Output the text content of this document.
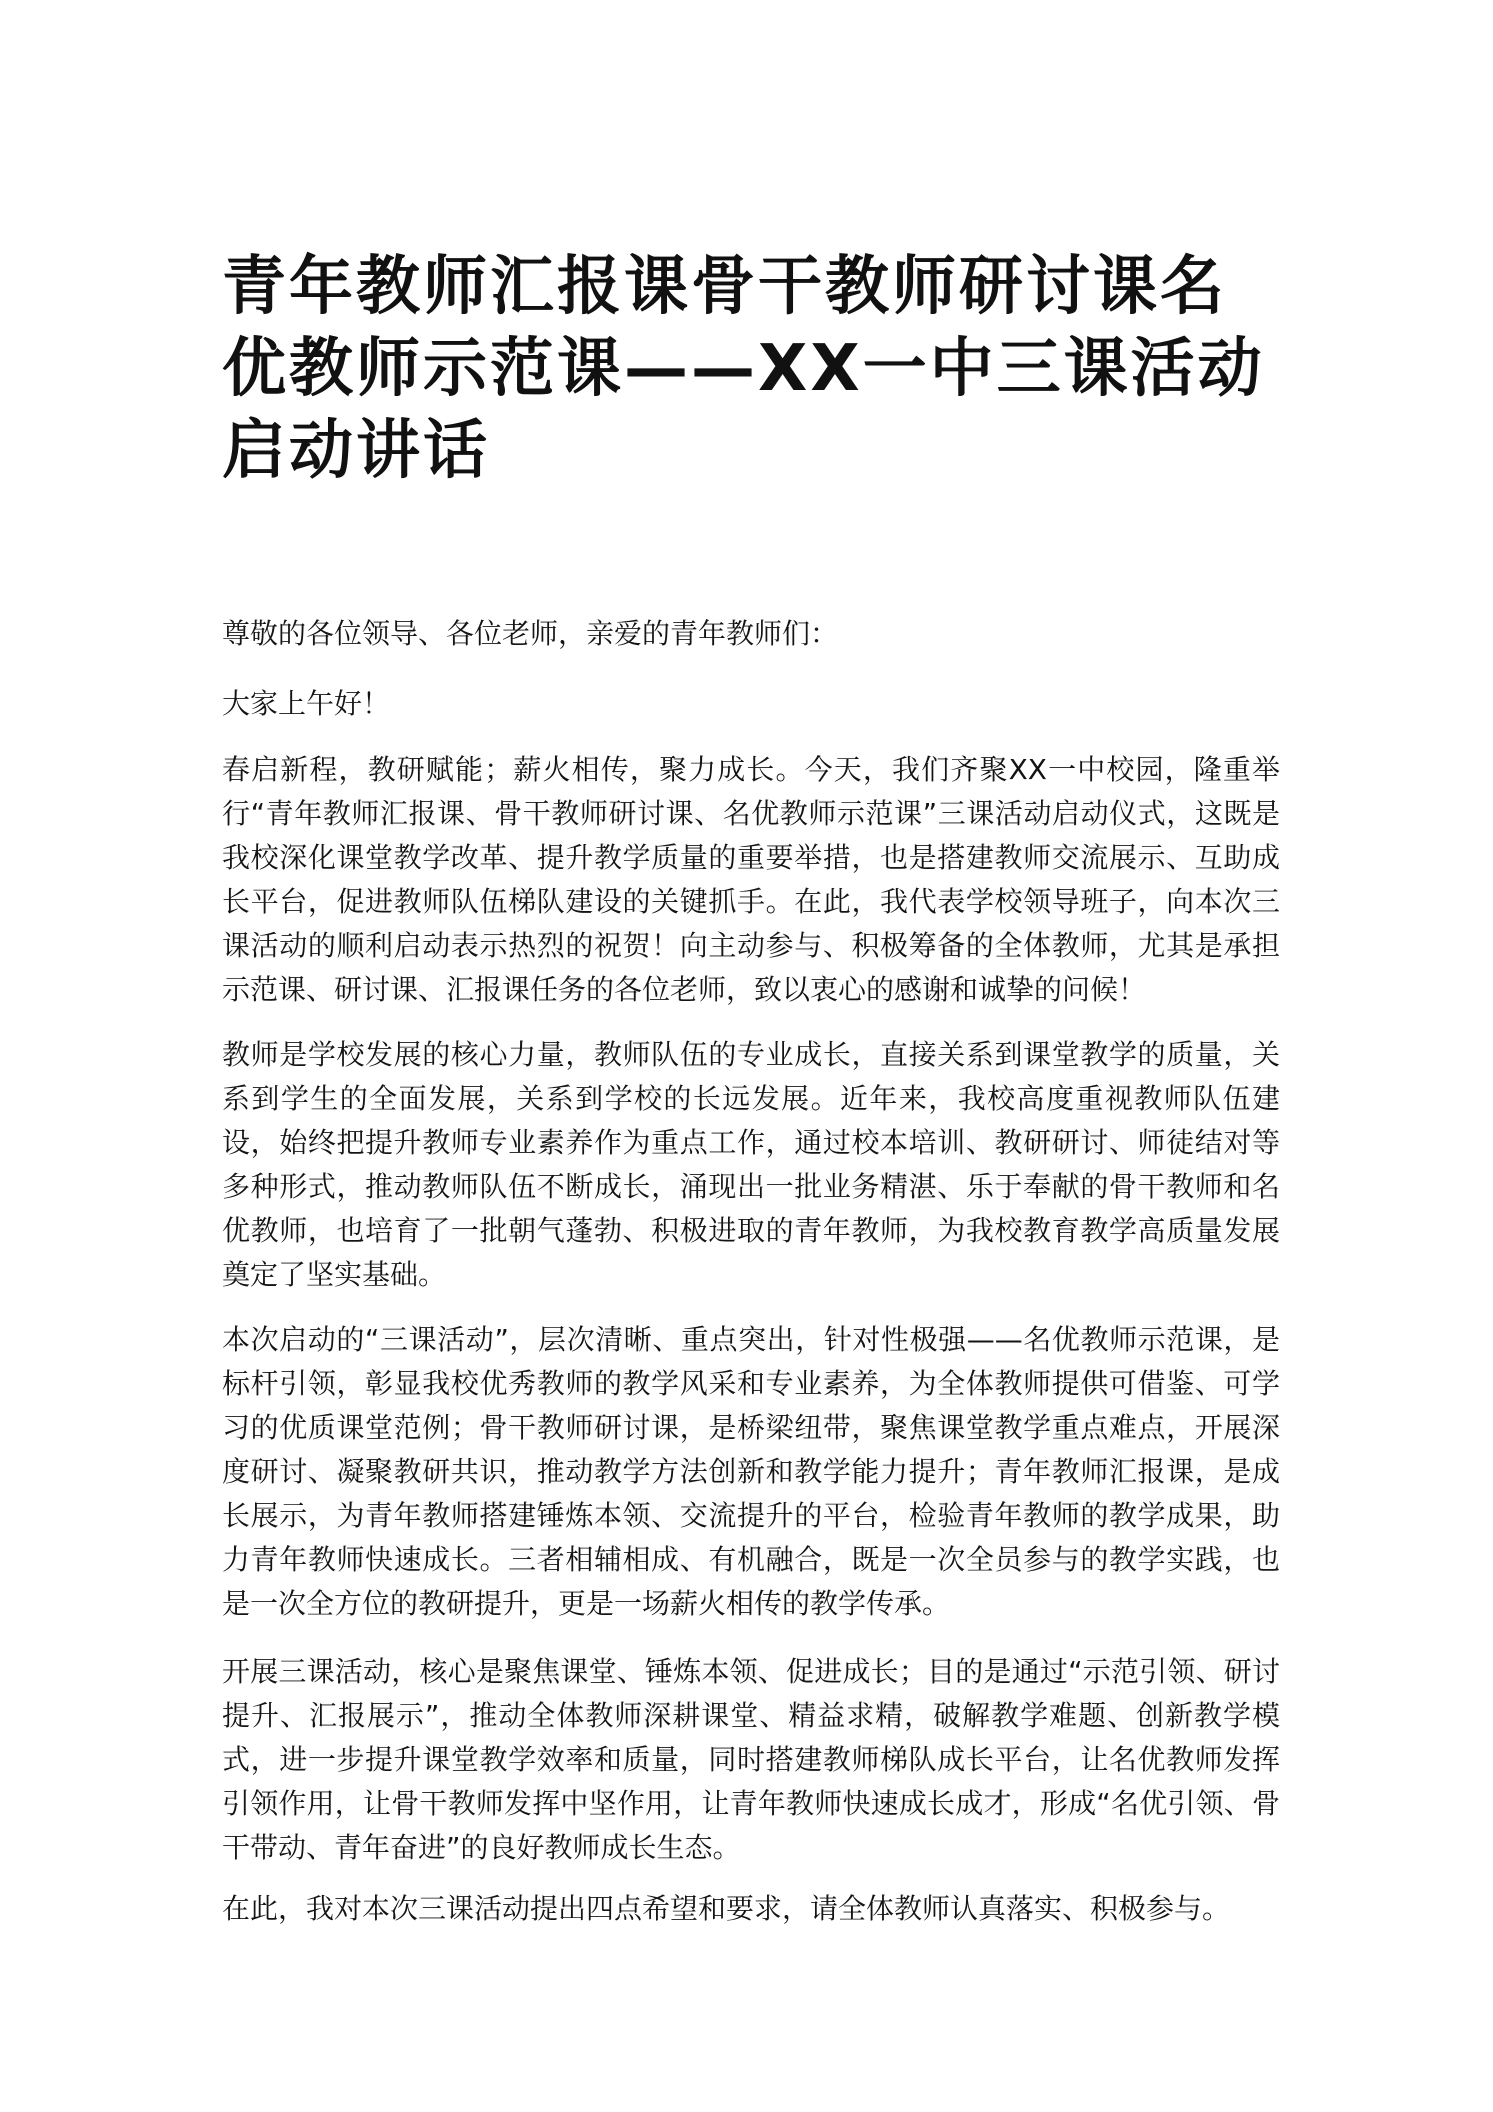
青年教师汇报课骨干教师研讨课名优教师示范课——XX一中三课活动启动讲话

尊敬的各位领导、各位老师，亲爱的青年教师们：

大家上午好！

春启新程，教研赋能；薪火相传，聚力成长。今天，我们齐聚XX一中校园，隆重举行“青年教师汇报课、骨干教师研讨课、名优教师示范课”三课活动启动仪式，这既是我校深化课堂教学改革、提升教学质量的重要举措，也是搭建教师交流展示、互助成长平台，促进教师队伍梯队建设的关键抓手。在此，我代表学校领导班子，向本次三课活动的顺利启动表示热烈的祝贺！向主动参与、积极筹备的全体教师，尤其是承担示范课、研讨课、汇报课任务的各位老师，致以衷心的感谢和诚挚的问候！

教师是学校发展的核心力量，教师队伍的专业成长，直接关系到课堂教学的质量，关系到学生的全面发展，关系到学校的长远发展。近年来，我校高度重视教师队伍建设，始终把提升教师专业素养作为重点工作，通过校本培训、教研研讨、师徒结对等多种形式，推动教师队伍不断成长，涌现出一批业务精湛、乐于奉献的骨干教师和名优教师，也培育了一批朝气蓬勃、积极进取的青年教师，为我校教育教学高质量发展奠定了坚实基础。

本次启动的“三课活动”，层次清晰、重点突出，针对性极强——名优教师示范课，是标杆引领，彰显我校优秀教师的教学风采和专业素养，为全体教师提供可借鉴、可学习的优质课堂范例；骨干教师研讨课，是桥梁纽带，聚焦课堂教学重点难点，开展深度研讨、凝聚教研共识，推动教学方法创新和教学能力提升；青年教师汇报课，是成长展示，为青年教师搭建锤炼本领、交流提升的平台，检验青年教师的教学成果，助力青年教师快速成长。三者相辅相成、有机融合，既是一次全员参与的教学实践，也是一次全方位的教研提升，更是一场薪火相传的教学传承。

开展三课活动，核心是聚焦课堂、锤炼本领、促进成长；目的是通过“示范引领、研讨提升、汇报展示”，推动全体教师深耕课堂、精益求精，破解教学难题、创新教学模式，进一步提升课堂教学效率和质量，同时搭建教师梯队成长平台，让名优教师发挥引领作用，让骨干教师发挥中坚作用，让青年教师快速成长成才，形成“名优引领、骨干带动、青年奋进”的良好教师成长生态。

在此，我对本次三课活动提出四点希望和要求，请全体教师认真落实、积极参与。
